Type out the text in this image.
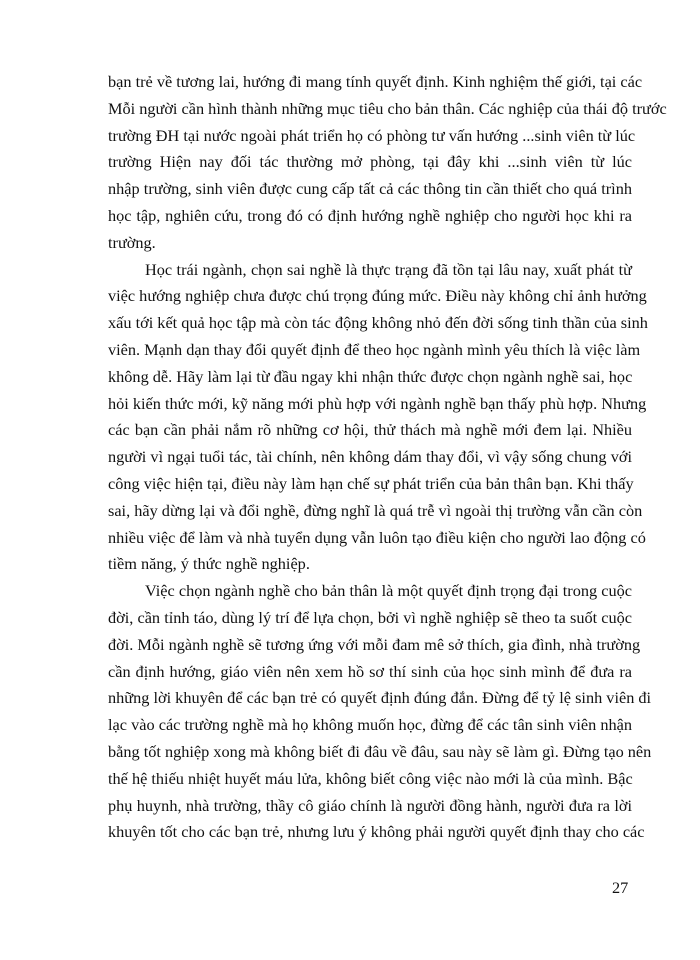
bạn trẻ về tương lai, hướng đi mang tính quyết định. Kinh nghiệm thế giới, tại các
Mỗi người cần hình thành những mục tiêu cho bản thân. Các nghiệp của thái độ trước
trường ĐH tại nước ngoài phát triển họ có phòng tư vấn hướng ...sinh viên từ lúc
trường Hiện nay đối tác thường mở phòng, tại đây khi ...sinh viên từ lúc
nhập trường, sinh viên được cung cấp tất cả các thông tin cần thiết cho quá trình
học tập, nghiên cứu, trong đó có định hướng nghề nghiệp cho người học khi ra
trường.
Học trái ngành, chọn sai nghề là thực trạng đã tồn tại lâu nay, xuất phát từ
việc hướng nghiệp chưa được chú trọng đúng mức. Điều này không chỉ ảnh hưởng
xấu tới kết quả học tập mà còn tác động không nhỏ đến đời sống tinh thần của sinh
viên. Mạnh dạn thay đổi quyết định để theo học ngành mình yêu thích là việc làm
không dễ. Hãy làm lại từ đầu ngay khi nhận thức được chọn ngành nghề sai, học
hỏi kiến thức mới, kỹ năng mới phù hợp với ngành nghề bạn thấy phù hợp. Nhưng
các bạn cần phải nắm rõ những cơ hội, thử thách mà nghề mới đem lại. Nhiều
người vì ngại tuổi tác, tài chính, nên không dám thay đổi, vì vậy sống chung với
công việc hiện tại, điều này làm hạn chế sự phát triển của bản thân bạn. Khi thấy
sai, hãy dừng lại và đổi nghề, đừng nghĩ là quá trễ vì ngoài thị trường vẫn cần còn
nhiều việc để làm và nhà tuyển dụng vẫn luôn tạo điều kiện cho người lao động có
tiềm năng, ý thức nghề nghiệp.
Việc chọn ngành nghề cho bản thân là một quyết định trọng đại trong cuộc
đời, cần tỉnh táo, dùng lý trí để lựa chọn, bởi vì nghề nghiệp sẽ theo ta suốt cuộc
đời. Mỗi ngành nghề sẽ tương ứng với mỗi đam mê sở thích, gia đình, nhà trường
cần định hướng, giáo viên nên xem hồ sơ thí sinh của học sinh mình để đưa ra
những lời khuyên để các bạn trẻ có quyết định đúng đắn. Đừng để tỷ lệ sinh viên đi
lạc vào các trường nghề mà họ không muốn học, đừng để các tân sinh viên nhận
bằng tốt nghiệp xong mà không biết đi đâu về đâu, sau này sẽ làm gì. Đừng tạo nên
thế hệ thiếu nhiệt huyết máu lửa, không biết công việc nào mới là của mình. Bậc
phụ huynh, nhà trường, thầy cô giáo chính là người đồng hành, người đưa ra lời
khuyên tốt cho các bạn trẻ, nhưng lưu ý không phải người quyết định thay cho các
27
